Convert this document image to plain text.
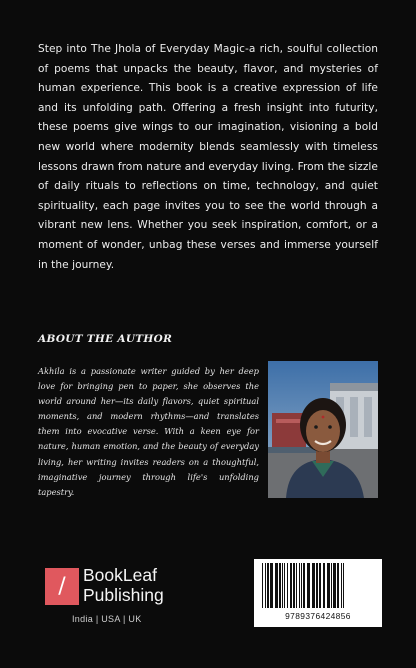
Step into The Jhola of Everyday Magic-a rich, soulful collection of poems that unpacks the beauty, flavor, and mysteries of human experience. This book is a creative expression of life and its unfolding path. Offering a fresh insight into futurity, these poems give wings to our imagination, visioning a bold new world where modernity blends seamlessly with timeless lessons drawn from nature and everyday living. From the sizzle of daily rituals to reflections on time, technology, and quiet spirituality, each page invites you to see the world through a vibrant new lens. Whether you seek inspiration, comfort, or a moment of wonder, unbag these verses and immerse yourself in the journey.

ABOUT THE AUTHOR

Akhila is a passionate writer guided by her deep love for bringing pen to paper, she observes the world around her—its daily flavors, quiet spiritual moments, and modern rhythms—and translates them into evocative verse. With a keen eye for nature, human emotion, and the beauty of everyday living, her writing invites readers on a thoughtful, imaginative journey through life's unfolding tapestry.

/ BookLeaf
Publishing
India | USA | UK	9789376424856
